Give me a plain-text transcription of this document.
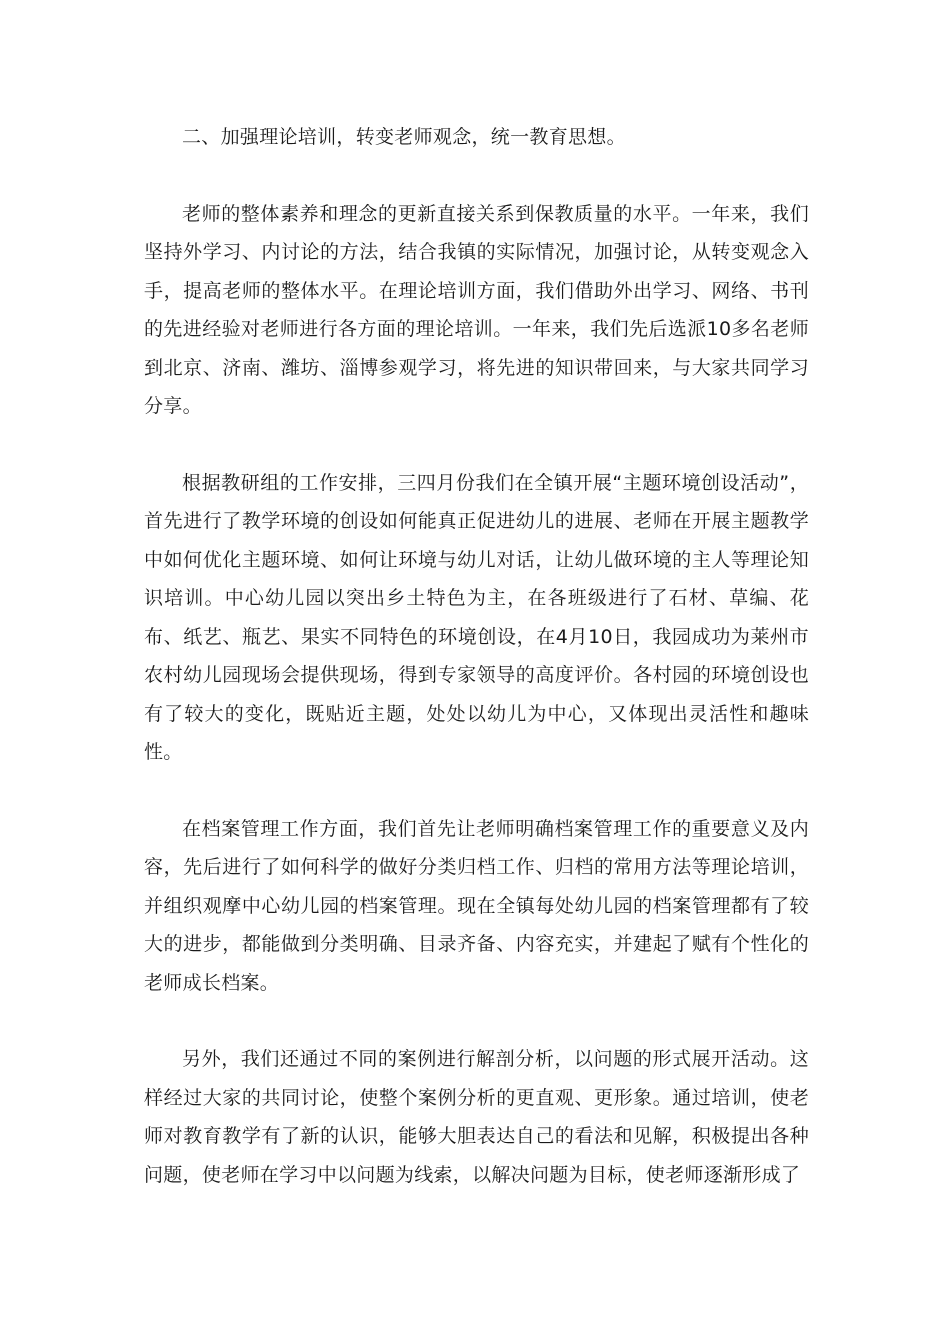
二、加强理论培训，转变老师观念，统一教育思想。

老师的整体素养和理念的更新直接关系到保教质量的水平。一年来，我们坚持外学习、内讨论的方法，结合我镇的实际情况，加强讨论，从转变观念入手，提高老师的整体水平。在理论培训方面，我们借助外出学习、网络、书刊的先进经验对老师进行各方面的理论培训。一年来，我们先后选派10多名老师到北京、济南、潍坊、淄博参观学习，将先进的知识带回来，与大家共同学习分享。

根据教研组的工作安排，三四月份我们在全镇开展“主题环境创设活动”，首先进行了教学环境的创设如何能真正促进幼儿的进展、老师在开展主题教学中如何优化主题环境、如何让环境与幼儿对话，让幼儿做环境的主人等理论知识培训。中心幼儿园以突出乡土特色为主，在各班级进行了石材、草编、花布、纸艺、瓶艺、果实不同特色的环境创设，在4月10日，我园成功为莱州市农村幼儿园现场会提供现场，得到专家领导的高度评价。各村园的环境创设也有了较大的变化，既贴近主题，处处以幼儿为中心，又体现出灵活性和趣味性。

在档案管理工作方面，我们首先让老师明确档案管理工作的重要意义及内容，先后进行了如何科学的做好分类归档工作、归档的常用方法等理论培训，并组织观摩中心幼儿园的档案管理。现在全镇每处幼儿园的档案管理都有了较大的进步，都能做到分类明确、目录齐备、内容充实，并建起了赋有个性化的老师成长档案。

另外，我们还通过不同的案例进行解剖分析，以问题的形式展开活动。这样经过大家的共同讨论，使整个案例分析的更直观、更形象。通过培训，使老师对教育教学有了新的认识，能够大胆表达自己的看法和见解，积极提出各种问题，使老师在学习中以问题为线索，以解决问题为目标，使老师逐渐形成了
